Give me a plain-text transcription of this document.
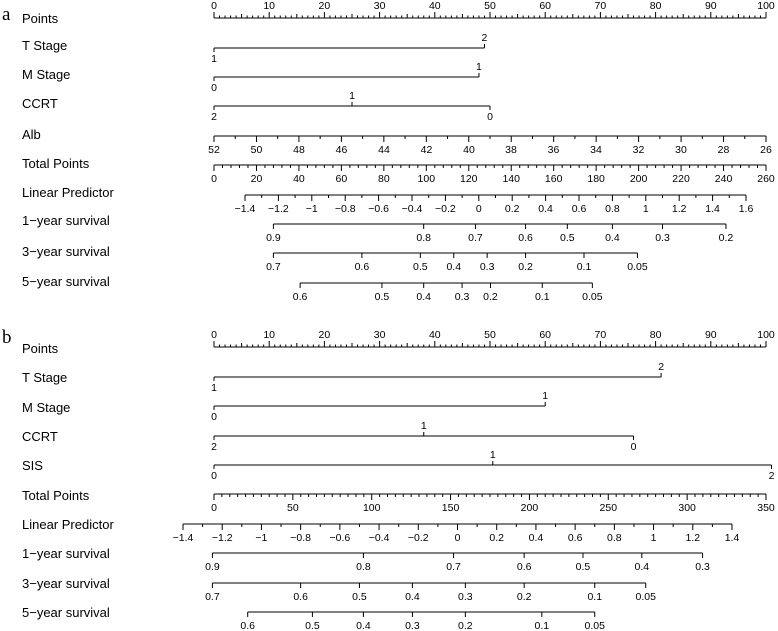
a Points
0	10	20	30	40	50	60	70	80	90	100
T Stage
1
2
M Stage
0
1
CCRT
2
1
0
Alb
52	50	48	46	44	42	40	38	36	34	32	30	28	26
Total Points
0	20	40	60	80	100 120 140 160 180 200 220 240 260
Linear Predictor
−1.4 −1.2 −1 −0.8 −0.6 −0.4 −0.2 0 0.2 0.4 0.6 0.8 1 1.2 1.4 1.6
1−year survival
0.9	0.8	0.7	0.6	0.5	0.4	0.3	0.2
3−year survival
0.7	0.6	0.5 0.4 0.3 0.2	0.1	0.05
5−year survival
0.6	0.5	0.4 0.3 0.2	0.1	0.05
b
Points
0	10	20	30	40	50	60	70	80	90	100
T Stage
1
2
M Stage
0
1
CCRT
2
1
0
SIS
0
1
2
Total Points
0	50	100	150	200	250	300	350
Linear Predictor
−1.4 −1.2 −1 −0.8 −0.6 −0.4 −0.2 0	0.2 0.4 0.6 0.8	1	1.2 1.4
1−year survival
0.9	0.8	0.7	0.6	0.5	0.4	0.3
3−year survival
0.7	0.6	0.5	0.4	0.3	0.2	0.1	0.05
5−year survival
0.6	0.5	0.4	0.3	0.2	0.1	0.05
